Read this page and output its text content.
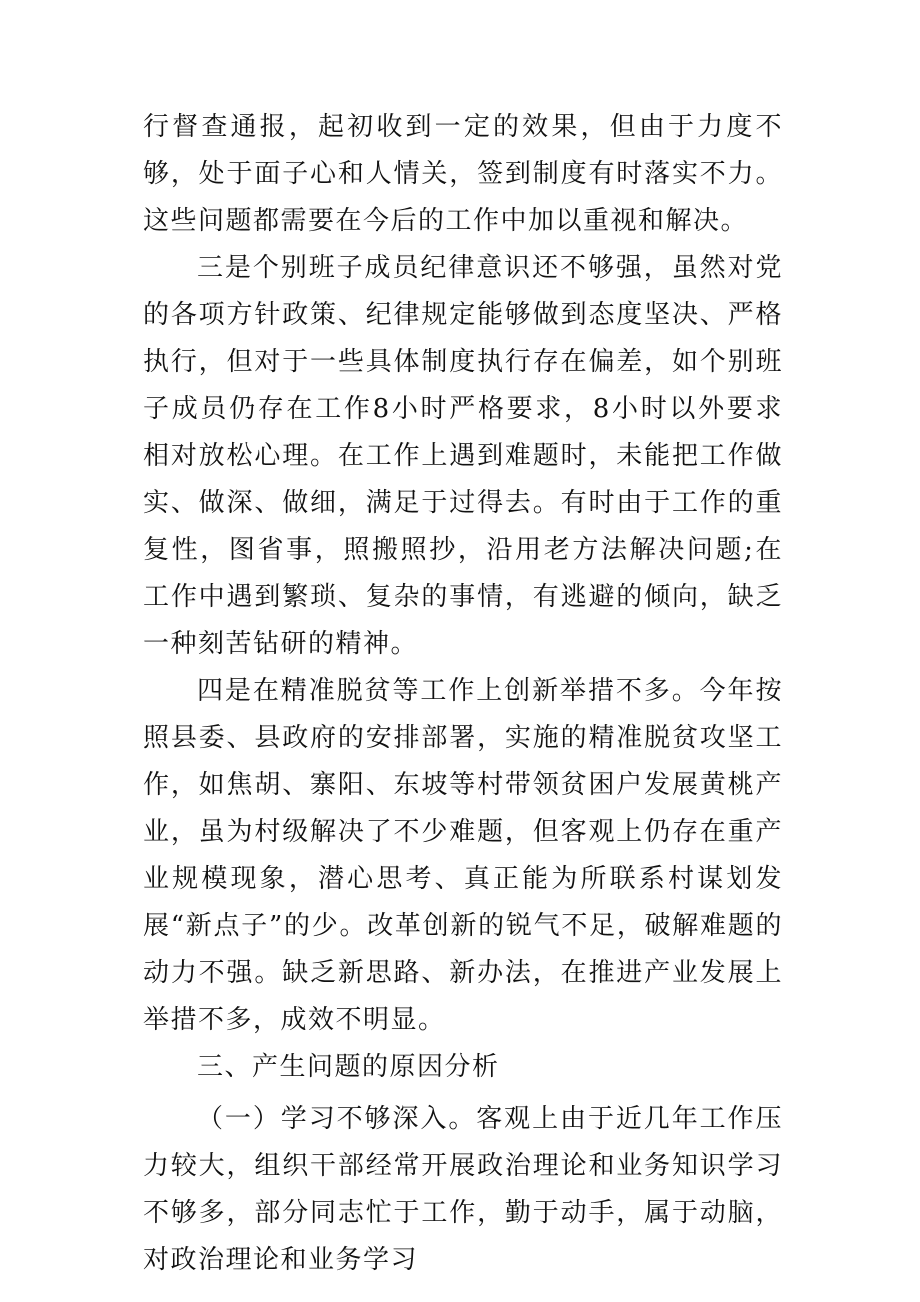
行督查通报，起初收到一定的效果，但由于力度不够，处于面子心和人情关，签到制度有时落实不力。这些问题都需要在今后的工作中加以重视和解决。

三是个别班子成员纪律意识还不够强，虽然对党的各项方针政策、纪律规定能够做到态度坚决、严格执行，但对于一些具体制度执行存在偏差，如个别班子成员仍存在工作8小时严格要求，8小时以外要求相对放松心理。在工作上遇到难题时，未能把工作做实、做深、做细，满足于过得去。有时由于工作的重复性，图省事，照搬照抄，沿用老方法解决问题;在工作中遇到繁琐、复杂的事情，有逃避的倾向，缺乏一种刻苦钻研的精神。

四是在精准脱贫等工作上创新举措不多。今年按照县委、县政府的安排部署，实施的精准脱贫攻坚工作，如焦胡、寨阳、东坡等村带领贫困户发展黄桃产业，虽为村级解决了不少难题，但客观上仍存在重产业规模现象，潜心思考、真正能为所联系村谋划发展“新点子”的少。改革创新的锐气不足，破解难题的动力不强。缺乏新思路、新办法，在推进产业发展上举措不多，成效不明显。

三、产生问题的原因分析

（一）学习不够深入。客观上由于近几年工作压力较大，组织干部经常开展政治理论和业务知识学习不够多，部分同志忙于工作，勤于动手，属于动脑，对政治理论和业务学习
